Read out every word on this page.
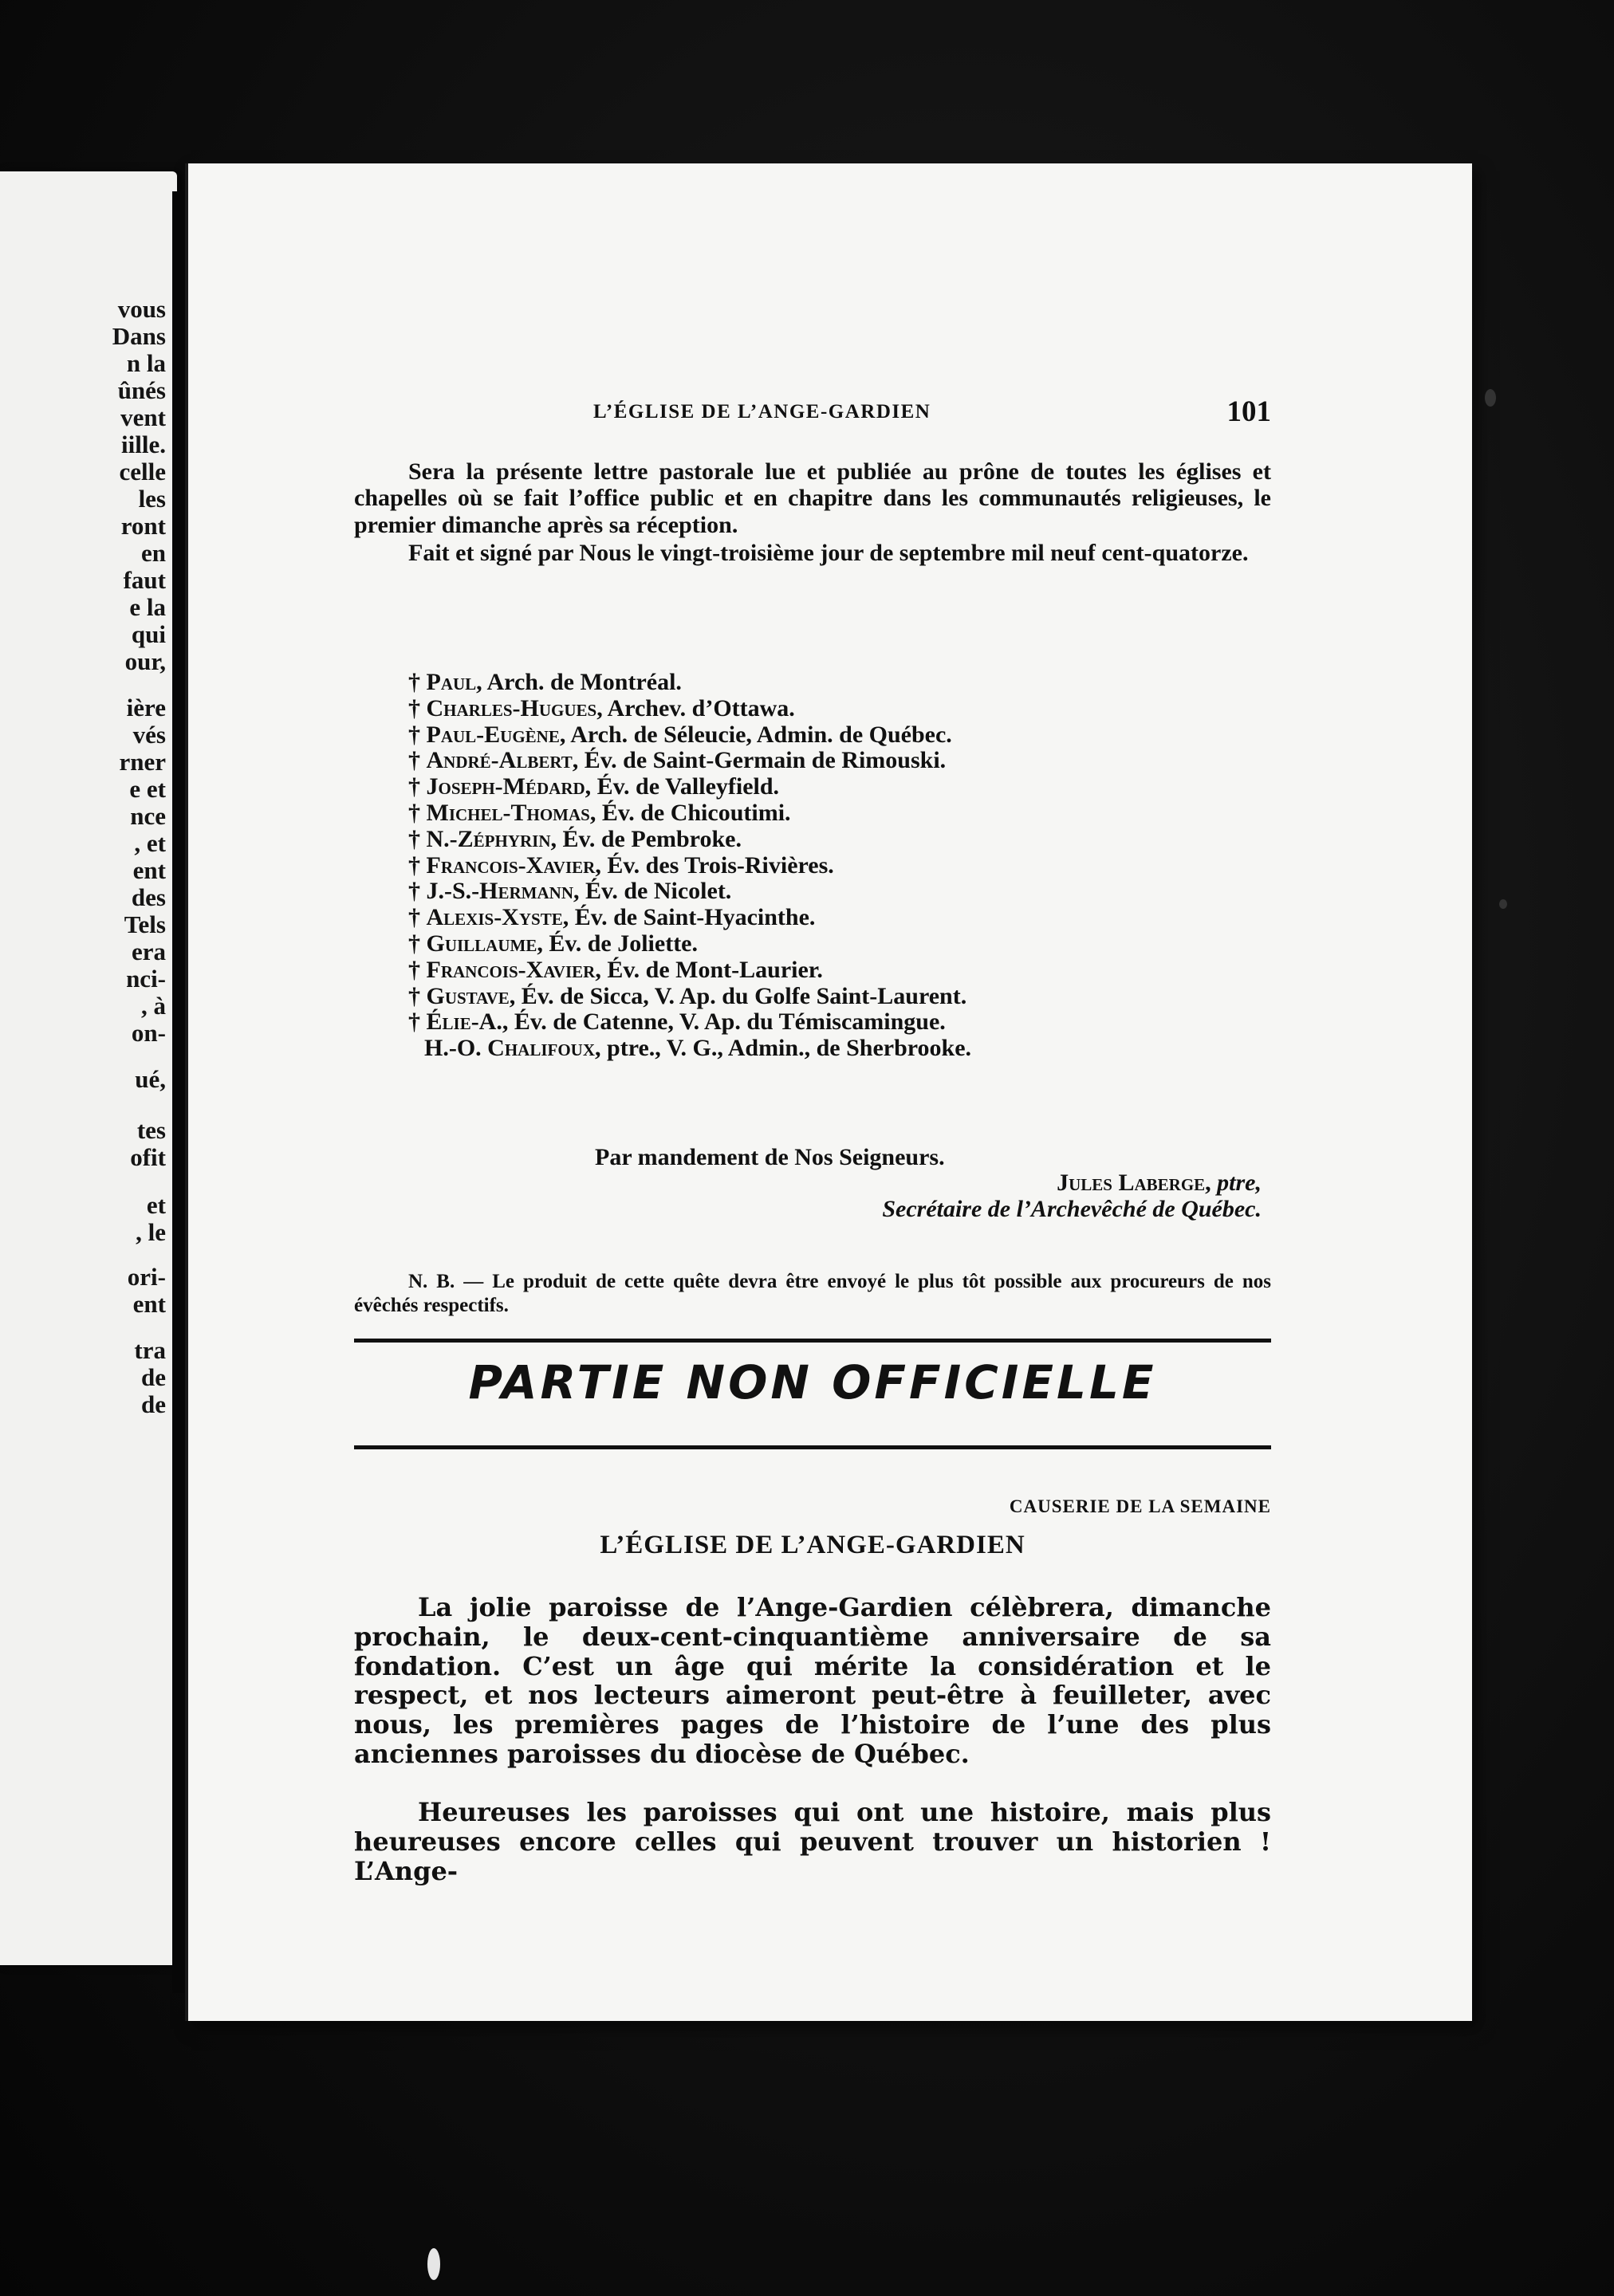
vous
Dans
n la
ûnés
vent
iille.
celle
les
ront
en
faut
e la
qui
our,
ière
vés
rner
e et
nce
, et
ent
des
Tels
era
nci-
, à
on-
ué,
tes
ofit
et
, le
ori-
ent
tra
de
de
L’ÉGLISE DE L’ANGE-GARDIEN	101

Sera la présente lettre pastorale lue et publiée au prône de toutes les églises et chapelles où se fait l’office public et en chapitre dans les communautés religieuses, le premier dimanche après sa réception.

Fait et signé par Nous le vingt-troisième jour de septembre mil neuf cent-quatorze.

† Paul, Arch. de Montréal.
† Charles-Hugues, Archev. d’Ottawa.
† Paul-Eugène, Arch. de Séleucie, Admin. de Québec.
† André-Albert, Év. de Saint-Germain de Rimouski.
† Joseph-Médard, Év. de Valleyfield.
† Michel-Thomas, Év. de Chicoutimi.
† N.-Zéphyrin, Év. de Pembroke.
† Francois-Xavier, Év. des Trois-Rivières.
† J.-S.-Hermann, Év. de Nicolet.
† Alexis-Xyste, Év. de Saint-Hyacinthe.
† Guillaume, Év. de Joliette.
† Francois-Xavier, Év. de Mont-Laurier.
† Gustave, Év. de Sicca, V. Ap. du Golfe Saint-Laurent.
† Élie-A., Év. de Catenne, V. Ap. du Témiscamingue.
H.-O. Chalifoux, ptre., V. G., Admin., de Sherbrooke.
Par mandement de Nos Seigneurs.
Jules Laberge, ptre,
Secrétaire de l’Archevêché de Québec.

N. B. — Le produit de cette quête devra être envoyé le plus tôt possible aux procureurs de nos évêchés respectifs.

PARTIE NON OFFICIELLE
CAUSERIE DE LA SEMAINE
L’ÉGLISE DE L’ANGE-GARDIEN

La jolie paroisse de l’Ange-Gardien célèbrera, dimanche prochain, le deux-cent-cinquantième anniversaire de sa fondation. C’est un âge qui mérite la considération et le respect, et nos lecteurs aimeront peut-être à feuilleter, avec nous, les premières pages de l’histoire de l’une des plus anciennes paroisses du diocèse de Québec.

Heureuses les paroisses qui ont une histoire, mais plus heureuses encore celles qui peuvent trouver un historien ! L’Ange-
